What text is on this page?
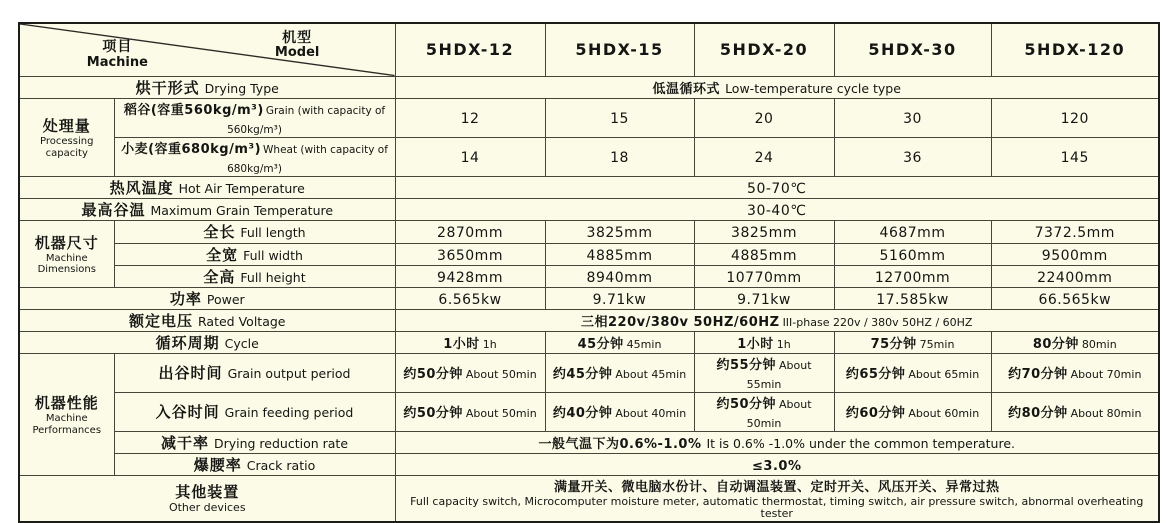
机型
Model
项目
Machine		5HDX-12	5HDX-15	5HDX-20	5HDX-30	5HDX-120
烘干形式 Drying Type		低温循环式 Low-temperature cycle type				
处理量
Processing capacity	稻谷(容重560kg/m³) Grain (with capacity of 560kg/m³)	12	15	20	30	120
	小麦(容重680kg/m³) Wheat (with capacity of 680kg/m³)	14	18	24	36	145
热风温度 Hot Air Temperature		50-70℃				
最高谷温 Maximum Grain Temperature		30-40℃				
机器尺寸
Machine Dimensions	全长 Full length	2870mm	3825mm	3825mm	4687mm	7372.5mm
	全宽 Full width	3650mm	4885mm	4885mm	5160mm	9500mm
	全高 Full height	9428mm	8940mm	10770mm	12700mm	22400mm
功率 Power		6.565kw	9.71kw	9.71kw	17.585kw	66.565kw
额定电压 Rated Voltage		三相220v/380v 50HZ/60HZ III-phase 220v / 380v 50HZ / 60HZ				
循环周期 Cycle		1小时 1h	45分钟 45min	1小时 1h	75分钟 75min	80分钟 80min
机器性能
Machine Performances	出谷时间 Grain output period	约50分钟 About 50min	约45分钟 About 45min	约55分钟 About 55min	约65分钟 About 65min	约70分钟 About 70min
	入谷时间 Grain feeding period	约50分钟 About 50min	约40分钟 About 40min	约50分钟 About 50min	约60分钟 About 60min	约80分钟 About 80min
	减干率 Drying reduction rate	一般气温下为0.6%-1.0% It is 0.6% -1.0% under the common temperature.				
	爆腰率 Crack ratio	≤3.0%				

其他装置
Other devices		满量开关、微电脑水份计、自动调温装置、定时开关、风压开关、异常过热
Full capacity switch, Microcomputer moisture meter, automatic thermostat, timing switch, air pressure switch, abnormal overheating tester				
